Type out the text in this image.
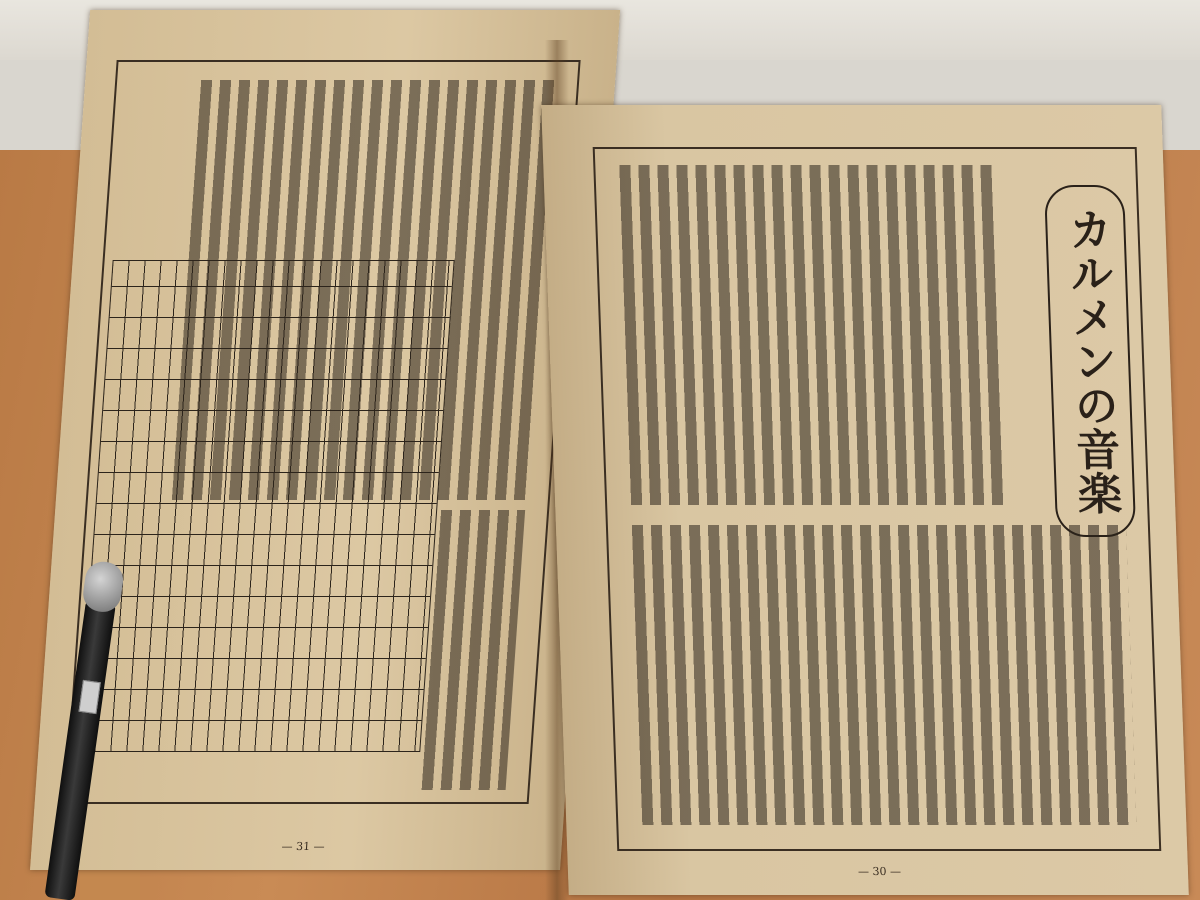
— 31 —
カルメンの音楽
— 30 —
